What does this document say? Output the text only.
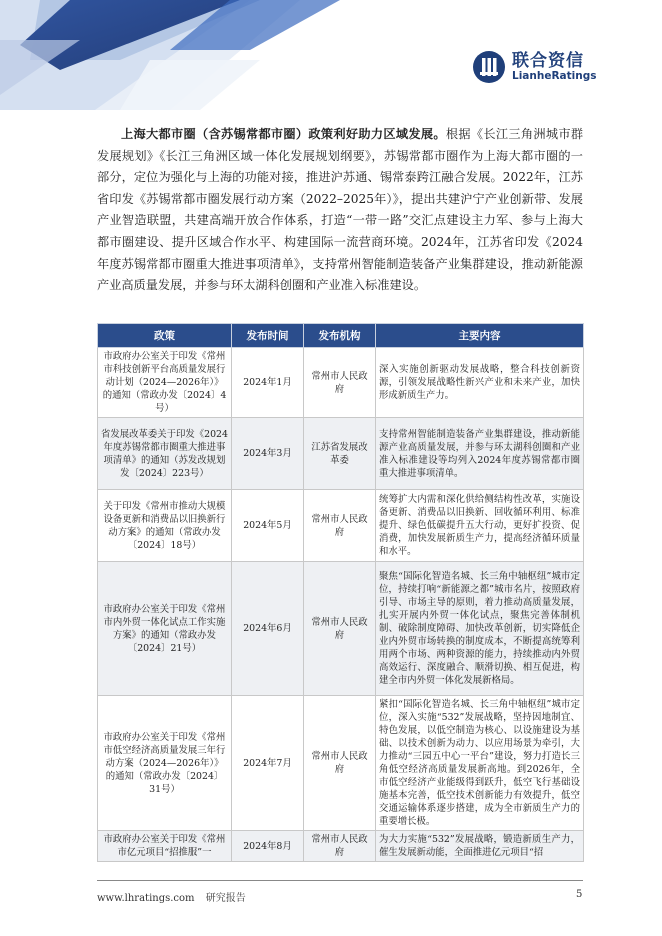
联合资信
LianheRatings

上海大都市圈（含苏锡常都市圈）政策利好助力区域发展。根据《长江三角洲城市群发展规划》《长江三角洲区域一体化发展规划纲要》，苏锡常都市圈作为上海大都市圈的一部分，定位为强化与上海的功能对接，推进沪苏通、锡常泰跨江融合发展。2022年，江苏省印发《苏锡常都市圈发展行动方案（2022–2025年）》，提出共建沪宁产业创新带、发展产业智造联盟，共建高端开放合作体系，打造“一带一路”交汇点建设主力军、参与上海大都市圈建设、提升区域合作水平、构建国际一流营商环境。2024年，江苏省印发《2024年度苏锡常都市圈重大推进事项清单》，支持常州智能制造装备产业集群建设，推动新能源产业高质量发展，并参与环太湖科创圈和产业准入标准建设。

政策	发布时间	发布机构	主要内容
市政府办公室关于印发《常州市科技创新平台高质量发展行动计划（2024—2026年）》的通知（常政办发〔2024〕4号）	2024年1月	常州市人民政府	深入实施创新驱动发展战略，整合科技创新资源，引领发展战略性新兴产业和未来产业，加快形成新质生产力。
省发展改革委关于印发《2024年度苏锡常都市圈重大推进事项清单》的通知（苏发改规划发〔2024〕223号）	2024年3月	江苏省发展改革委	支持常州智能制造装备产业集群建设，推动新能源产业高质量发展，并参与环太湖科创圈和产业准入标准建设等均列入2024年度苏锡常都市圈重大推进事项清单。
关于印发《常州市推动大规模设备更新和消费品以旧换新行动方案》的通知（常政办发〔2024〕18号）	2024年5月	常州市人民政府	统筹扩大内需和深化供给侧结构性改革，实施设备更新、消费品以旧换新、回收循环利用、标准提升、绿色低碳提升五大行动，更好扩投资、促消费，加快发展新质生产力，提高经济循环质量和水平。
市政府办公室关于印发《常州市内外贸一体化试点工作实施方案》的通知（常政办发〔2024〕21号）	2024年6月	常州市人民政府	聚焦“国际化智造名城、长三角中轴枢纽”城市定位，持续打响“新能源之都”城市名片，按照政府引导、市场主导的原则，着力推动高质量发展，扎实开展内外贸一体化试点，聚焦完善体制机制、破除制度障碍、加快改革创新，切实降低企业内外贸市场转换的制度成本，不断提高统筹利用两个市场、两种资源的能力，持续推动内外贸高效运行、深度融合、顺滑切换、相互促进，构建全市内外贸一体化发展新格局。
市政府办公室关于印发《常州市低空经济高质量发展三年行动方案（2024—2026年）》的通知（常政办发〔2024〕31号）	2024年7月	常州市人民政府	紧扣“国际化智造名城、长三角中轴枢纽”城市定位，深入实施“532”发展战略，坚持因地制宜、特色发展，以低空制造为核心、以设施建设为基础、以技术创新为动力、以应用场景为牵引，大力推动“三园五中心一平台”建设，努力打造长三角低空经济高质量发展新高地。到2026年，全市低空经济产业能级得到跃升，低空飞行基础设施基本完善，低空技术创新能力有效提升，低空交通运输体系逐步搭建，成为全市新质生产力的重要增长极。
市政府办公室关于印发《常州市亿元项目“招推服”一	2024年8月	常州市人民政府	为大力实施“532”发展战略，锻造新质生产力，催生发展新动能，全面推进亿元项目“招
www.lhratings.com 研究报告	5
